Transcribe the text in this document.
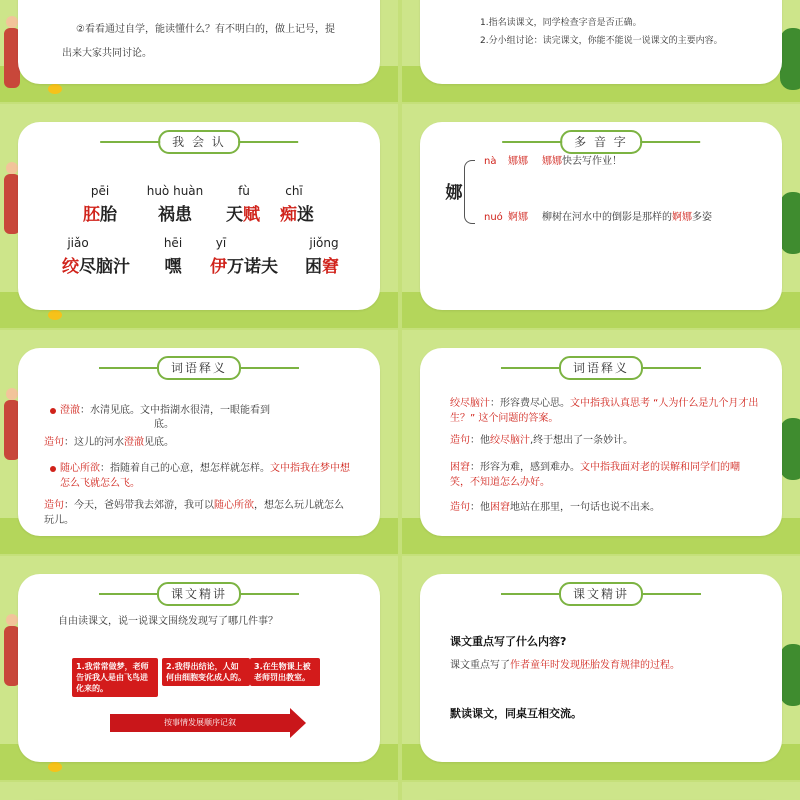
②看看通过自学，能读懂什么？有不明白的，做上记号，提
出来大家共同讨论。
1.指名读课文，同学检查字音是否正确。
2.分小组讨论：读完课文，你能不能说一说课文的主要内容。
我 会 认
pēi
胚胎
huò huàn
祸患
fù
天赋
chī
痴迷
jiǎo
绞尽脑汁
hēi
嘿
yī
伊万诺夫
jiǒng
困窘
多 音 字
娜
nà 娜娜 娜娜快去写作业！
nuó 婀娜 柳树在河水中的倒影是那样的婀娜多姿
词语释义
澄澈：水清见底。文中指湖水很清，一眼能看到
底。
造句：这儿的河水澄澈见底。
随心所欲：指随着自己的心意，想怎样就怎样。文中指我在梦中想
怎么飞就怎么飞。
造句：今天，爸妈带我去郊游，我可以随心所欲，想怎么玩儿就怎么
玩儿。
词语释义
绞尽脑汁：形容费尽心思。文中指我认真思考 “人为什么是九个月才出
生？” 这个问题的答案。
造句：他绞尽脑汁,终于想出了一条妙计。
困窘：形容为难，感到难办。文中指我面对老的误解和同学们的嘲
笑，不知道怎么办好。
造句：他困窘地站在那里，一句话也说不出来。
课文精讲
自由读课文，说一说课文围绕发现写了哪几件事？
1.我常常做梦，老师告诉我人是由飞鸟进化来的。
2.我得出结论，人如何由细胞变化成人的。
3.在生物课上被老师罚出教室。
按事情发展顺序记叙
课文精讲
课文重点写了什么内容?
课文重点写了作者童年时发现胚胎发育规律的过程。
默读课文，同桌互相交流。
